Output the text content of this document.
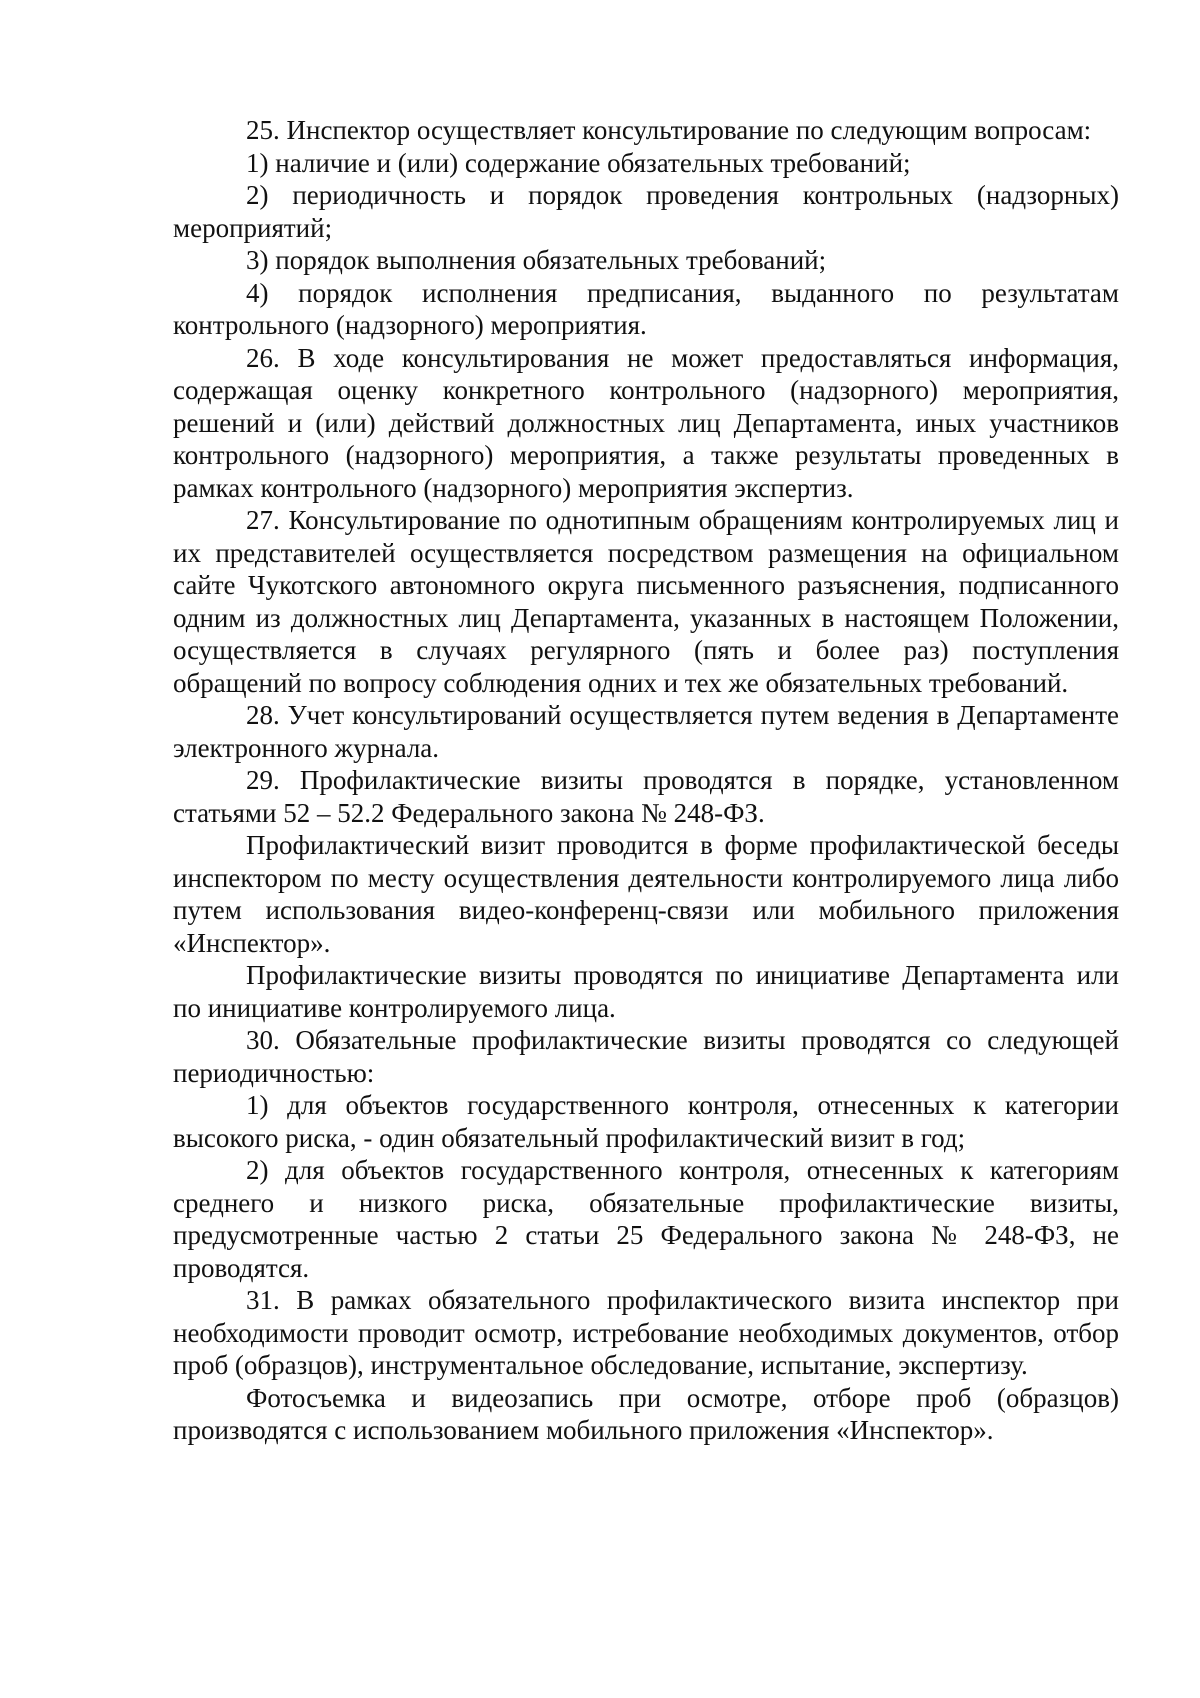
25. Инспектор осуществляет консультирование по следующим вопросам:

1) наличие и (или) содержание обязательных требований;

2) периодичность и порядок проведения контрольных (надзорных) мероприятий;

3) порядок выполнения обязательных требований;

4) порядок исполнения предписания, выданного по результатам контрольного (надзорного) мероприятия.

26. В ходе консультирования не может предоставляться информация, содержащая оценку конкретного контрольного (надзорного) мероприятия, решений и (или) действий должностных лиц Департамента, иных участников контрольного (надзорного) мероприятия, а также результаты проведенных в рамках контрольного (надзорного) мероприятия экспертиз.

27. Консультирование по однотипным обращениям контролируемых лиц и их представителей осуществляется посредством размещения на официальном сайте Чукотского автономного округа письменного разъяснения, подписанного одним из должностных лиц Департамента, указанных в настоящем Положении, осуществляется в случаях регулярного (пять и более раз) поступления обращений по вопросу соблюдения одних и тех же обязательных требований.

28. Учет консультирований осуществляется путем ведения в Департаменте электронного журнала.

29. Профилактические визиты проводятся в порядке, установленном статьями 52 – 52.2 Федерального закона № 248-ФЗ.

Профилактический визит проводится в форме профилактической беседы инспектором по месту осуществления деятельности контролируемого лица либо путем использования видео-конференц-связи или мобильного приложения «Инспектор».

Профилактические визиты проводятся по инициативе Департамента или по инициативе контролируемого лица.

30. Обязательные профилактические визиты проводятся со следующей периодичностью:

1) для объектов государственного контроля, отнесенных к категории высокого риска, - один обязательный профилактический визит в год;

2) для объектов государственного контроля, отнесенных к категориям среднего и низкого риска, обязательные профилактические визиты, предусмотренные частью 2 статьи 25 Федерального закона № 248-ФЗ, не проводятся.

31. В рамках обязательного профилактического визита инспектор при необходимости проводит осмотр, истребование необходимых документов, отбор проб (образцов), инструментальное обследование, испытание, экспертизу.

Фотосъемка и видеозапись при осмотре, отборе проб (образцов) производятся с использованием мобильного приложения «Инспектор».
